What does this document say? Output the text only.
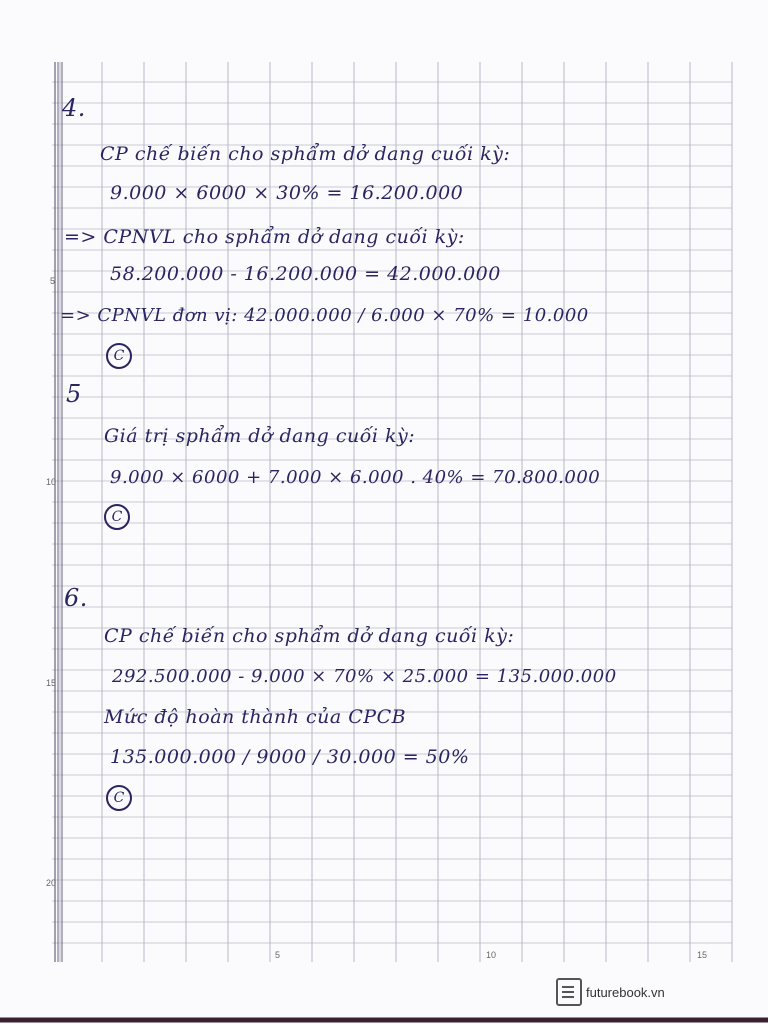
5
10
15
20
5	10	15
4.
CP chế biến cho sphẩm dở dang cuối kỳ:
9.000 × 6000 × 30% = 16.200.000
=> CPNVL cho sphẩm dở dang cuối kỳ:
58.200.000 - 16.200.000 = 42.000.000
=> CPNVL đơn vị: 42.000.000 / 6.000 × 70% = 10.000
C
5
Giá trị sphẩm dở dang cuối kỳ:
9.000 × 6000 + 7.000 × 6.000 . 40% = 70.800.000
C
6.
CP chế biến cho sphẩm dở dang cuối kỳ:
292.500.000 - 9.000 × 70% × 25.000 = 135.000.000
Mức độ hoàn thành của CPCB
135.000.000 / 9000 / 30.000 = 50%
C
futurebook.vn
